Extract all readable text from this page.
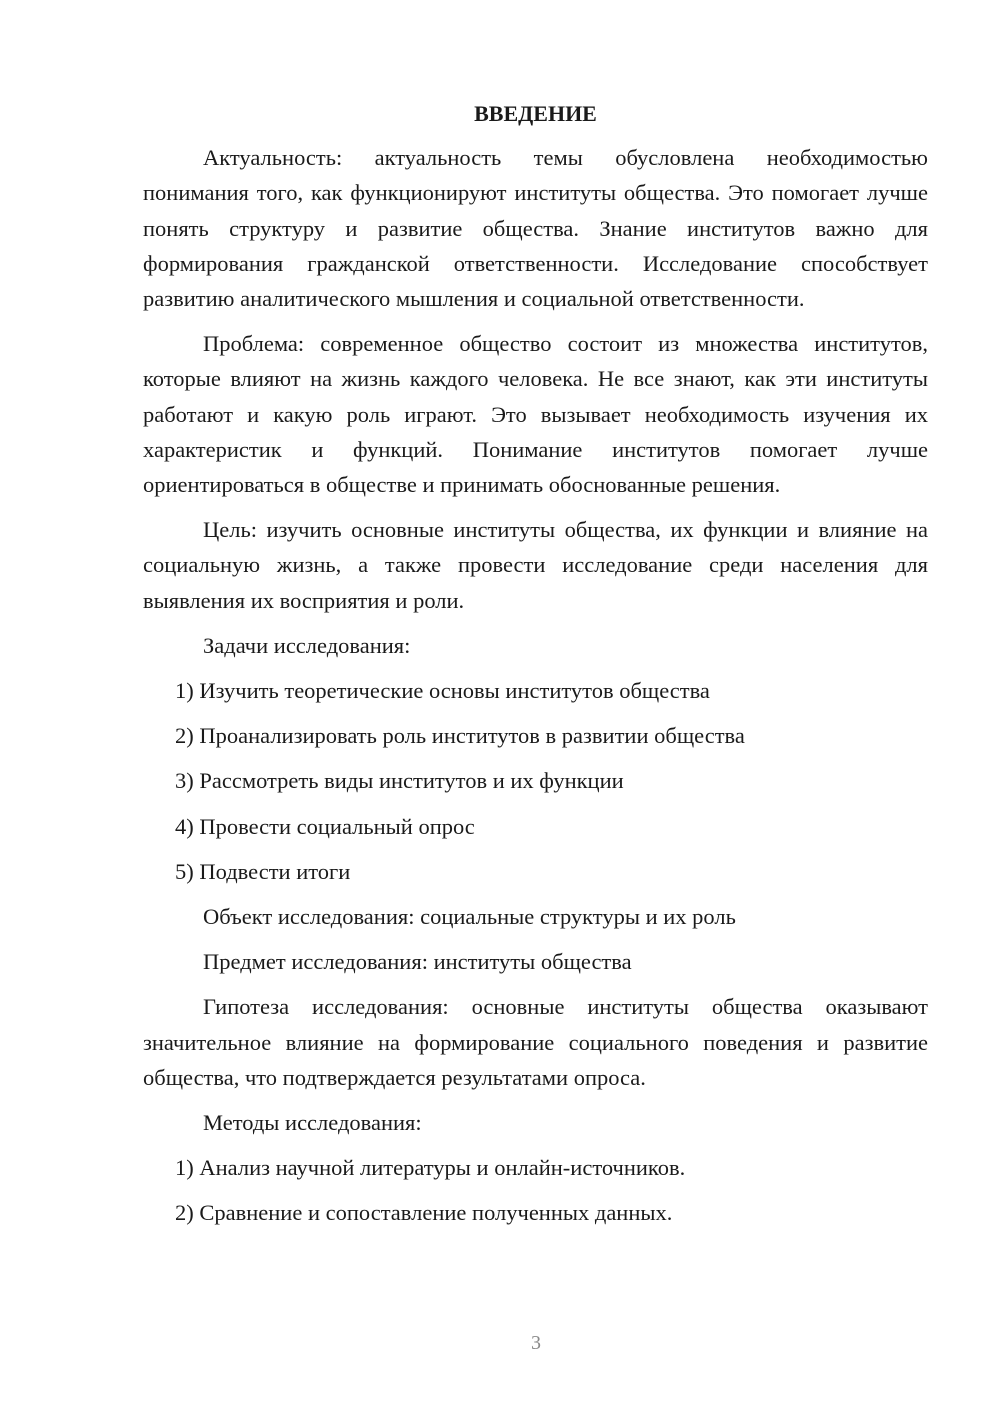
ВВЕДЕНИЕ

Актуальность: актуальность темы обусловлена необходимостью понимания того, как функционируют институты общества. Это помогает лучше понять структуру и развитие общества. Знание институтов важно для формирования гражданской ответственности. Исследование способствует развитию аналитического мышления и социальной ответственности.

Проблема: современное общество состоит из множества институтов, которые влияют на жизнь каждого человека. Не все знают, как эти институты работают и какую роль играют. Это вызывает необходимость изучения их характеристик и функций. Понимание институтов помогает лучше ориентироваться в обществе и принимать обоснованные решения.

Цель: изучить основные институты общества, их функции и влияние на социальную жизнь, а также провести исследование среди населения для выявления их восприятия и роли.

Задачи исследования:

1) Изучить теоретические основы институтов общества

2) Проанализировать роль институтов в развитии общества

3) Рассмотреть виды институтов и их функции

4) Провести социальный опрос

5) Подвести итоги

Объект исследования: социальные структуры и их роль

Предмет исследования: институты общества

Гипотеза исследования: основные институты общества оказывают значительное влияние на формирование социального поведения и развитие общества, что подтверждается результатами опроса.

Методы исследования:

1) Анализ научной литературы и онлайн-источников.

2) Сравнение и сопоставление полученных данных.

3
